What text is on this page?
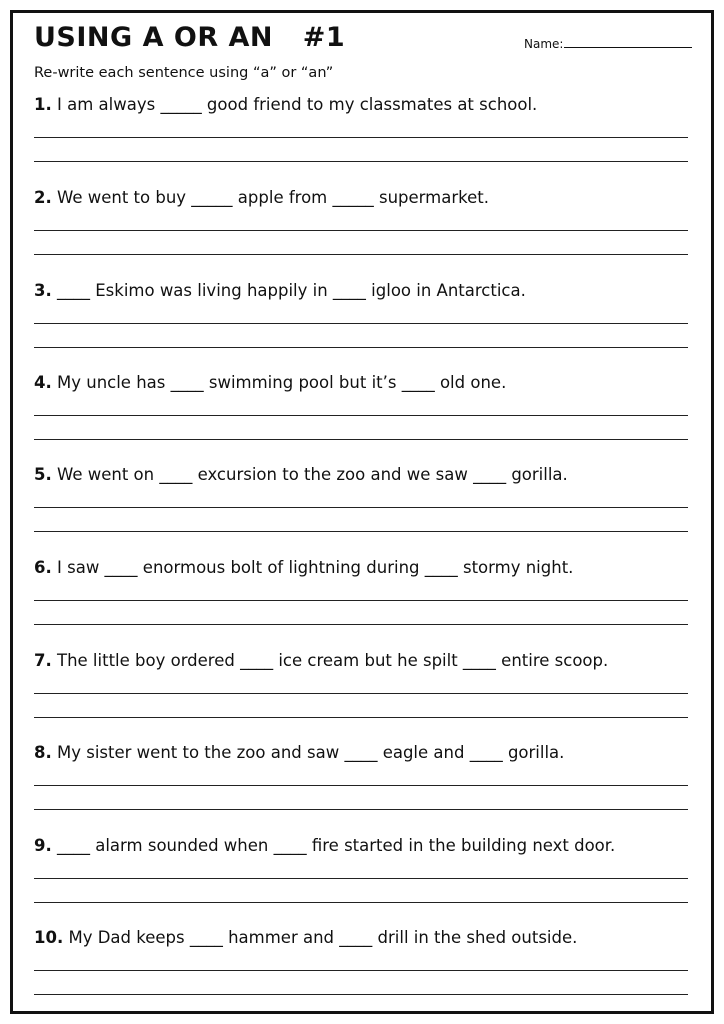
USING A OR AN   #1	Name:
Re-write each sentence using “a” or “an”
1. I am always _____ good friend to my classmates at school.
2. We went to buy _____ apple from _____ supermarket.
3. ____ Eskimo was living happily in ____ igloo in Antarctica.
4. My uncle has ____ swimming pool but it’s ____ old one.
5. We went on ____ excursion to the zoo and we saw ____ gorilla.
6. I saw ____ enormous bolt of lightning during ____ stormy night.
7. The little boy ordered ____ ice cream but he spilt ____ entire scoop.
8. My sister went to the zoo and saw ____ eagle and ____ gorilla.
9. ____ alarm sounded when ____ fire started in the building next door.
10. My Dad keeps ____ hammer and ____ drill in the shed outside.
